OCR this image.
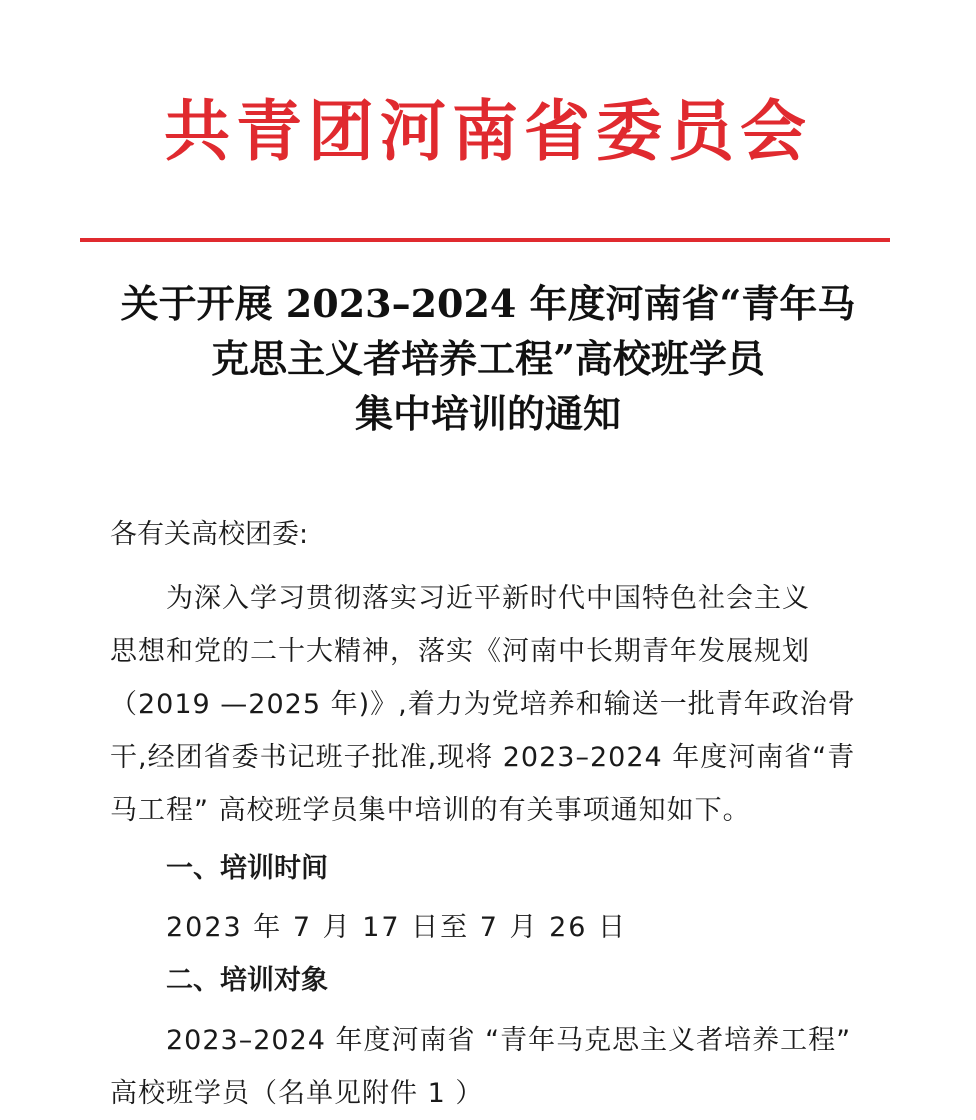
共青团河南省委员会
关于开展 2023–2024 年度河南省“青年马
克思主义者培养工程”高校班学员
集中培训的通知
各有关高校团委:
为深入学习贯彻落实习近平新时代中国特色社会主义
思想和党的二十大精神，落实《河南中长期青年发展规划
（2019 —2025 年)》,着力为党培养和输送一批青年政治骨
干,经团省委书记班子批准,现将 2023–2024 年度河南省“青
马工程” 高校班学员集中培训的有关事项通知如下。
一、培训时间
2023 年 7 月 17 日至 7 月 26 日
二、培训对象
2023–2024 年度河南省 “青年马克思主义者培养工程”
高校班学员（名单见附件 1 ）
